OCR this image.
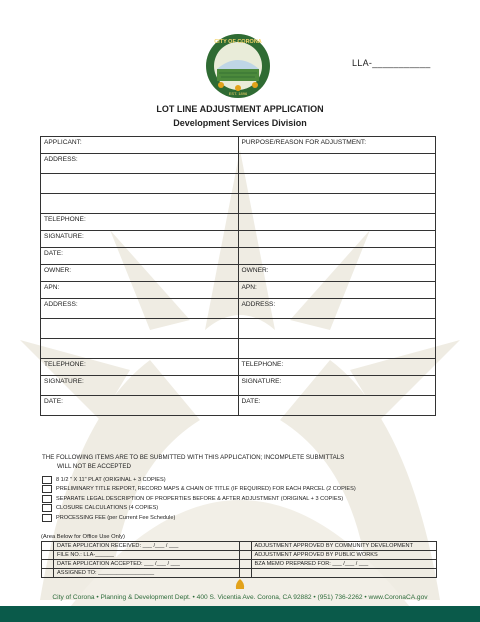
CITY OF CORONA
EST. 1896
LLA-___________
LOT LINE ADJUSTMENT APPLICATION
Development Services Division
APPLICANT:	PURPOSE/REASON FOR ADJUSTMENT:
ADDRESS:	

TELEPHONE:	
SIGNATURE:	
DATE:	
OWNER:	OWNER:
APN:	APN:
ADDRESS:	ADDRESS:

TELEPHONE:	TELEPHONE:
SIGNATURE:	SIGNATURE:
DATE:	DATE:
THE FOLLOWING ITEMS ARE TO BE SUBMITTED WITH THIS APPLICATION; INCOMPLETE SUBMITTALS
WILL NOT BE ACCEPTED
8 1/2 " X 11" PLAT (ORIGINAL + 3 COPIES)
PRELIMINARY TITLE REPORT, RECORD MAPS & CHAIN OF TITLE (IF REQUIRED) FOR EACH PARCEL (2 COPIES)
SEPARATE LEGAL DESCRIPTION OF PROPERTIES BEFORE & AFTER ADJUSTMENT (ORIGINAL + 3 COPIES)
CLOSURE CALCULATIONS (4 COPIES)
PROCESSING FEE (per Current Fee Schedule)
(Area Below for Office Use Only)
	DATE APPLICATION RECEIVED: ___ /___ / ___		ADJUSTMENT APPROVED BY COMMUNITY DEVELOPMENT
	FILE NO.: LLA-______		ADJUSTMENT APPROVED BY PUBLIC WORKS
	DATE APPLICATION ACCEPTED: ___ /___ / ___		BZA MEMO PREPARED FOR: ___ /___ / ___
	ASSIGNED TO: __________________		
City of Corona • Planning & Development Dept. • 400 S. Vicentia Ave. Corona, CA 92882 • (951) 736-2262 • www.CoronaCA.gov
